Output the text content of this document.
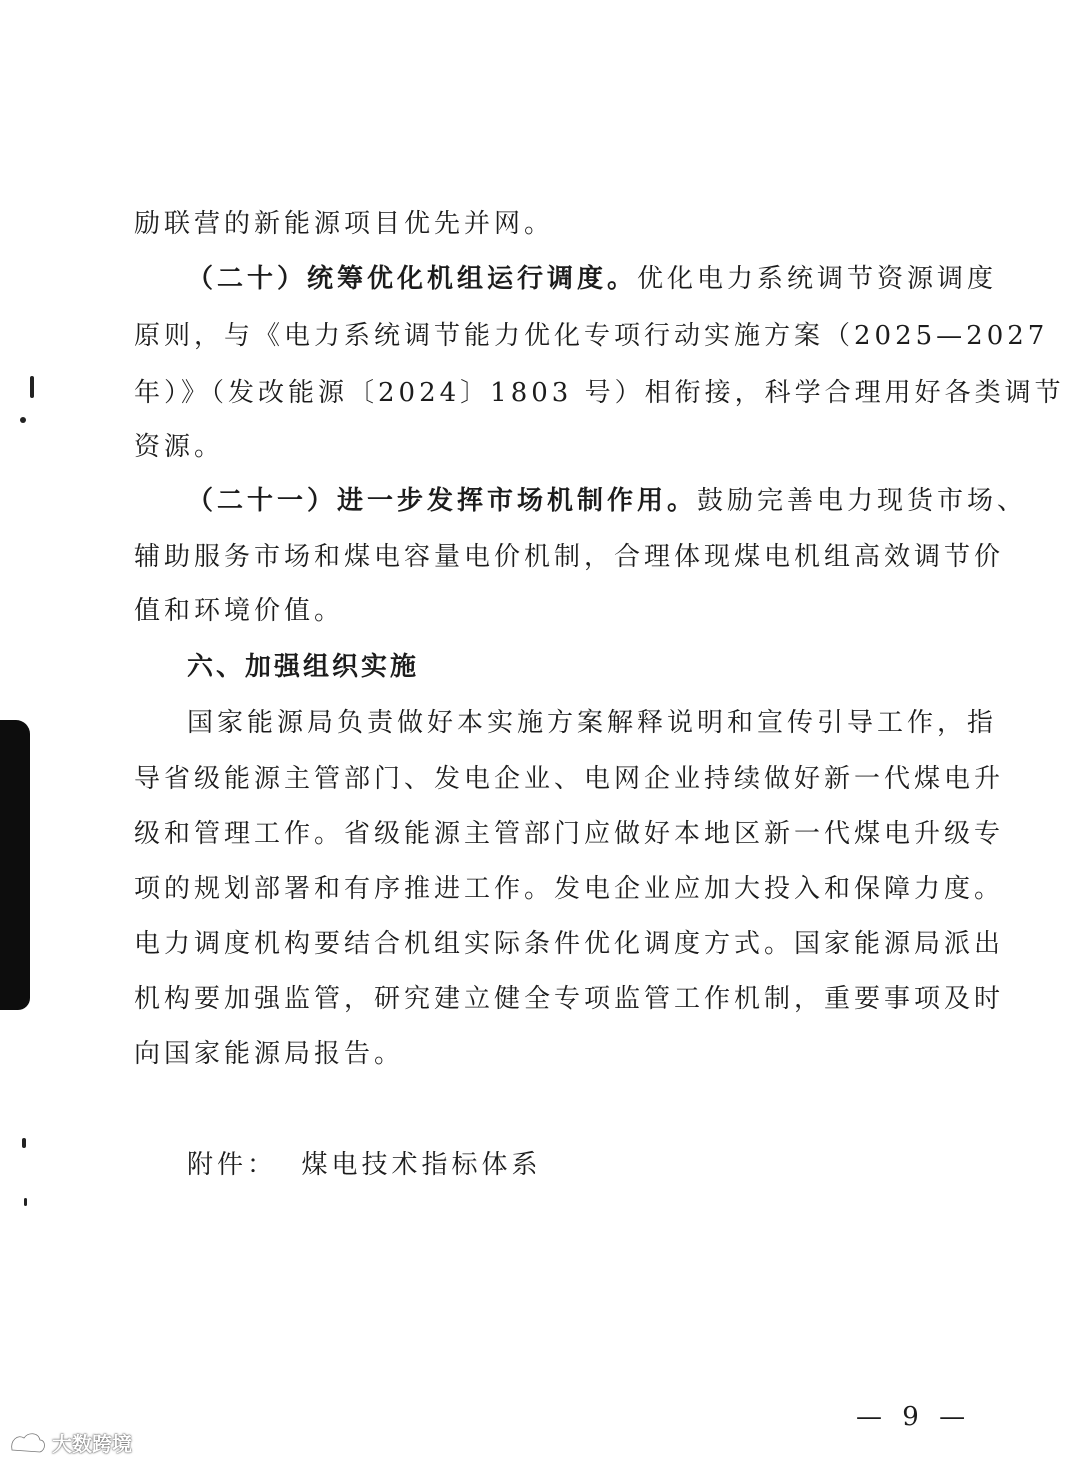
励联营的新能源项目优先并网。
（二十）统筹优化机组运行调度。优化电力系统调节资源调度
原则，与《电力系统调节能力优化专项行动实施方案（2025—2027
年）》（发改能源〔2024〕1803 号）相衔接，科学合理用好各类调节
资源。
（二十一）进一步发挥市场机制作用。鼓励完善电力现货市场、
辅助服务市场和煤电容量电价机制，合理体现煤电机组高效调节价
值和环境价值。
六、加强组织实施
国家能源局负责做好本实施方案解释说明和宣传引导工作，指
导省级能源主管部门、发电企业、电网企业持续做好新一代煤电升
级和管理工作。省级能源主管部门应做好本地区新一代煤电升级专
项的规划部署和有序推进工作。发电企业应加大投入和保障力度。
电力调度机构要结合机组实际条件优化调度方式。国家能源局派出
机构要加强监管，研究建立健全专项监管工作机制，重要事项及时
向国家能源局报告。
附件：  煤电技术指标体系
— 9 —
大数跨境
